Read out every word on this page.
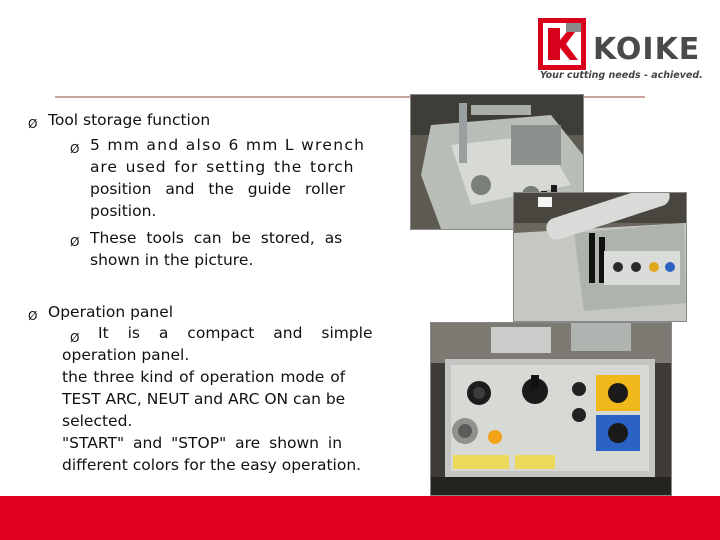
KOIKE
Your cutting needs - achieved.
Ø Tool storage function
Ø 5 mm and also 6 mm L wrench
are used for setting the torch
position and the guide roller
position.
Ø These tools can be stored, as
shown in the picture.
Ø Operation panel
Ø It is a compact and simple
operation panel.
the three kind of operation mode of
TEST ARC, NEUT and ARC ON can be
selected.
"START" and "STOP" are shown in
different colors for the easy operation.
